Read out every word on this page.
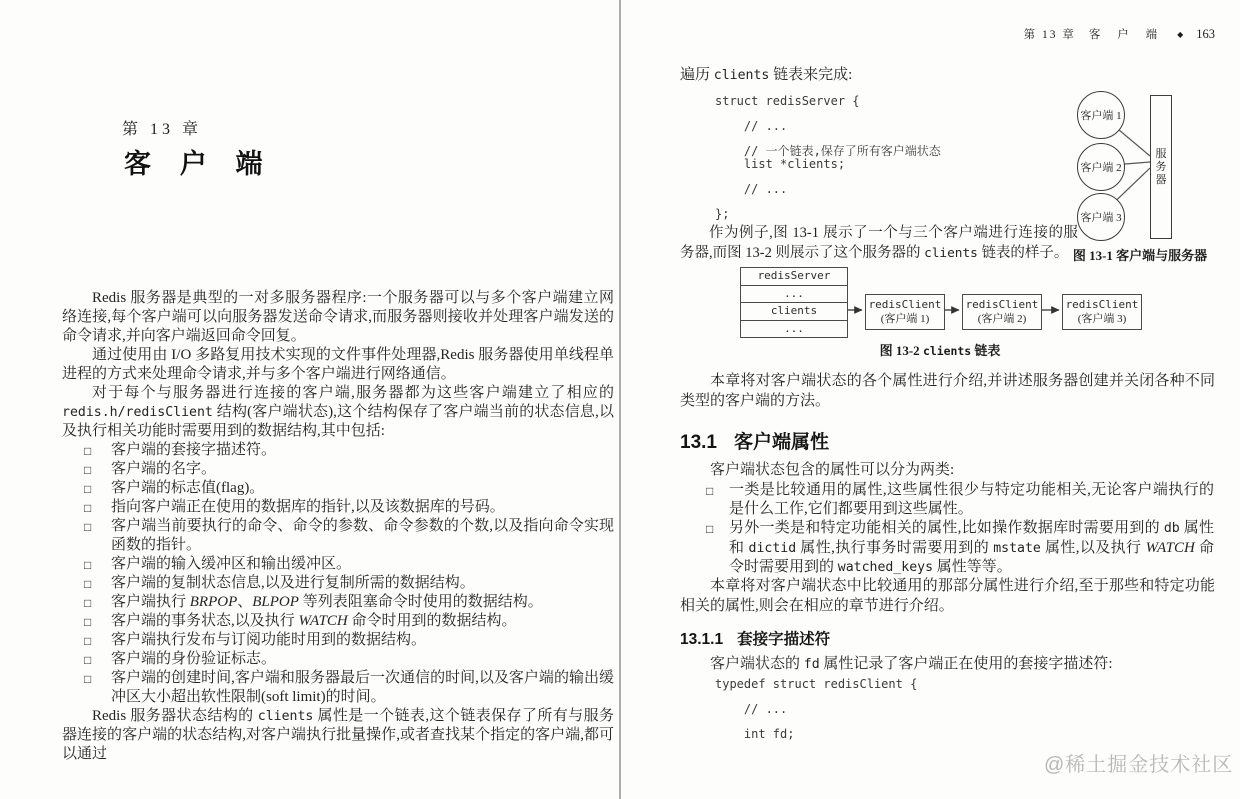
第 13 章
客 户 端

Redis 服务器是典型的一对多服务器程序:一个服务器可以与多个客户端建立网络连接,每个客户端可以向服务器发送命令请求,而服务器则接收并处理客户端发送的命令请求,并向客户端返回命令回复。

通过使用由 I/O 多路复用技术实现的文件事件处理器,Redis 服务器使用单线程单进程的方式来处理命令请求,并与多个客户端进行网络通信。

对于每个与服务器进行连接的客户端,服务器都为这些客户端建立了相应的 redis.h/redisClient 结构(客户端状态),这个结构保存了客户端当前的状态信息,以及执行相关功能时需要用到的数据结构,其中包括:

□ 客户端的套接字描述符。
□ 客户端的名字。
□ 客户端的标志值(flag)。
□ 指向客户端正在使用的数据库的指针,以及该数据库的号码。
□ 客户端当前要执行的命令、命令的参数、命令参数的个数,以及指向命令实现函数的指针。
□ 客户端的输入缓冲区和输出缓冲区。
□ 客户端的复制状态信息,以及进行复制所需的数据结构。
□ 客户端执行 BRPOP、BLPOP 等列表阻塞命令时使用的数据结构。
□ 客户端的事务状态,以及执行 WATCH 命令时用到的数据结构。
□ 客户端执行发布与订阅功能时用到的数据结构。
□ 客户端的身份验证标志。
□ 客户端的创建时间,客户端和服务器最后一次通信的时间,以及客户端的输出缓冲区大小超出软性限制(soft limit)的时间。

Redis 服务器状态结构的 clients 属性是一个链表,这个链表保存了所有与服务器连接的客户端的状态结构,对客户端执行批量操作,或者查找某个指定的客户端,都可以通过

第 13 章 客 户 端 ◆ 163

遍历 clients 链表来完成:

struct redisServer {
// ...
// 一个链表,保存了所有客户端状态
list *clients;
// ...
};

作为例子,图 13-1 展示了一个与三个客户端进行连接的服务器,而图 13-2 则展示了这个服务器的 clients 链表的样子。

客户端 1
客户端 2
客户端 3
服务器
图 13-1 客户端与服务器
redisServer
...
clients
...
redisClient
(客户端 1)
redisClient
(客户端 2)
redisClient
(客户端 3)
图 13-2 clients 链表

本章将对客户端状态的各个属性进行介绍,并讲述服务器创建并关闭各种不同类型的客户端的方法。

13.1 客户端属性

客户端状态包含的属性可以分为两类:

□ 一类是比较通用的属性,这些属性很少与特定功能相关,无论客户端执行的是什么工作,它们都要用到这些属性。
□ 另外一类是和特定功能相关的属性,比如操作数据库时需要用到的 db 属性和 dictid 属性,执行事务时需要用到的 mstate 属性,以及执行 WATCH 命令时需要用到的 watched_keys 属性等等。

本章将对客户端状态中比较通用的那部分属性进行介绍,至于那些和特定功能相关的属性,则会在相应的章节进行介绍。

13.1.1 套接字描述符

客户端状态的 fd 属性记录了客户端正在使用的套接字描述符:

typedef struct redisClient {
// ...
int fd;
@稀土掘金技术社区
